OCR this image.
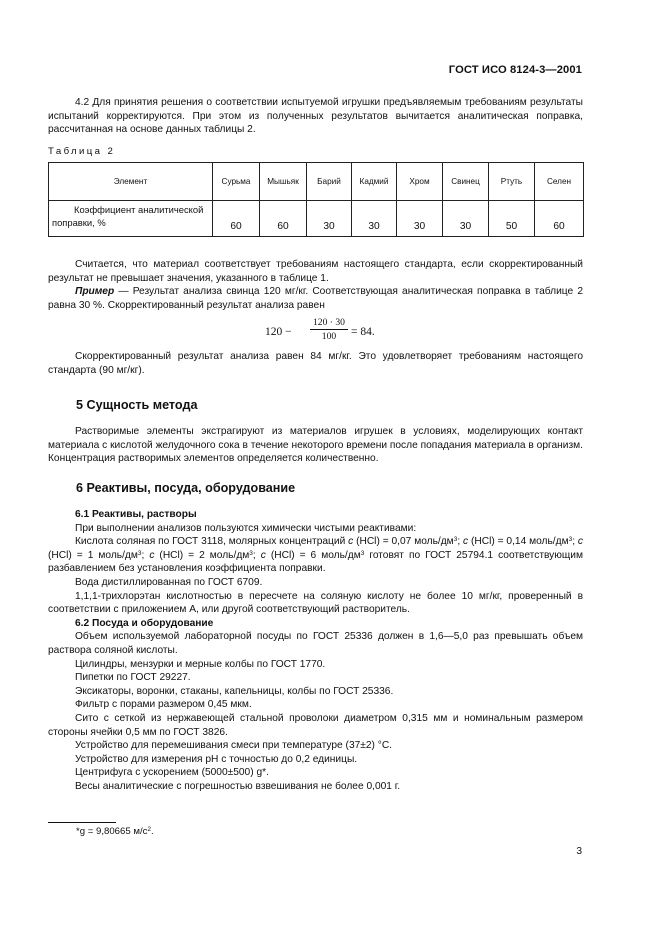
ГОСТ ИСО 8124-3—2001

4.2 Для принятия решения о соответствии испытуемой игрушки предъявляемым требованиям результаты испытаний корректируются. При этом из полученных результатов вычитается аналитическая поправка, рассчитанная на основе данных таблицы 2.

Таблица 2
Элемент	Сурьма	Мышьяк	Барий	Кадмий	Хром	Свинец	Ртуть	Селен
Коэффициент аналитической поправки, %	60	60	30	30	30	30	50	60

Считается, что материал соответствует требованиям настоящего стандарта, если скорректированный результат не превышает значения, указанного в таблице 1.

Пример — Результат анализа свинца 120 мг/кг. Соответствующая аналитическая поправка в таблице 2 равна 30 %. Скорректированный результат анализа равен

$120 - \frac{120 \cdot 30}{100} = 84$.

Скорректированный результат анализа равен 84 мг/кг. Это удовлетворяет требованиям настоящего стандарта (90 мг/кг).

5 Сущность метода

Растворимые элементы экстрагируют из материалов игрушек в условиях, моделирующих контакт материала с кислотой желудочного сока в течение некоторого времени после попадания материала в организм. Концентрация растворимых элементов определяется количественно.

6 Реактивы, посуда, оборудование

6.1 Реактивы, растворы

При выполнении анализов пользуются химически чистыми реактивами:

Кислота соляная по ГОСТ 3118, молярных концентраций c (HCl) = 0,07 моль/$дм^3$; c (HCl) = 0,14 моль/$дм^3$; c (HCl) = 1 моль/$дм^3$; c (HCl) = 2 моль/$дм^3$; c (HCl) = 6 моль/$дм^3$ готовят по ГОСТ 25794.1 соответствующим разбавлением без установления коэффициента поправки.

Вода дистиллированная по ГОСТ 6709.

1,1,1-трихлорэтан кислотностью в пересчете на соляную кислоту не более 10 мг/кг, проверенный в соответствии с приложением А, или другой соответствующий растворитель.

6.2 Посуда и оборудование

Объем используемой лабораторной посуды по ГОСТ 25336 должен в 1,6—5,0 раз превышать объем раствора соляной кислоты.

Цилиндры, мензурки и мерные колбы по ГОСТ 1770.

Пипетки по ГОСТ 29227.

Эксикаторы, воронки, стаканы, капельницы, колбы по ГОСТ 25336.

Фильтр с порами размером 0,45 мкм.

Сито с сеткой из нержавеющей стальной проволоки диаметром 0,315 мм и номинальным размером стороны ячейки 0,5 мм по ГОСТ 3826.

Устройство для перемешивания смеси при температуре (37±2) °С.

Устройство для измерения рН с точностью до 0,2 единицы.

Центрифуга с ускорением (5000±500) g*.

Весы аналитические с погрешностью взвешивания не более 0,001 г.

*g = 9,80665 $м/с^2$.
3
